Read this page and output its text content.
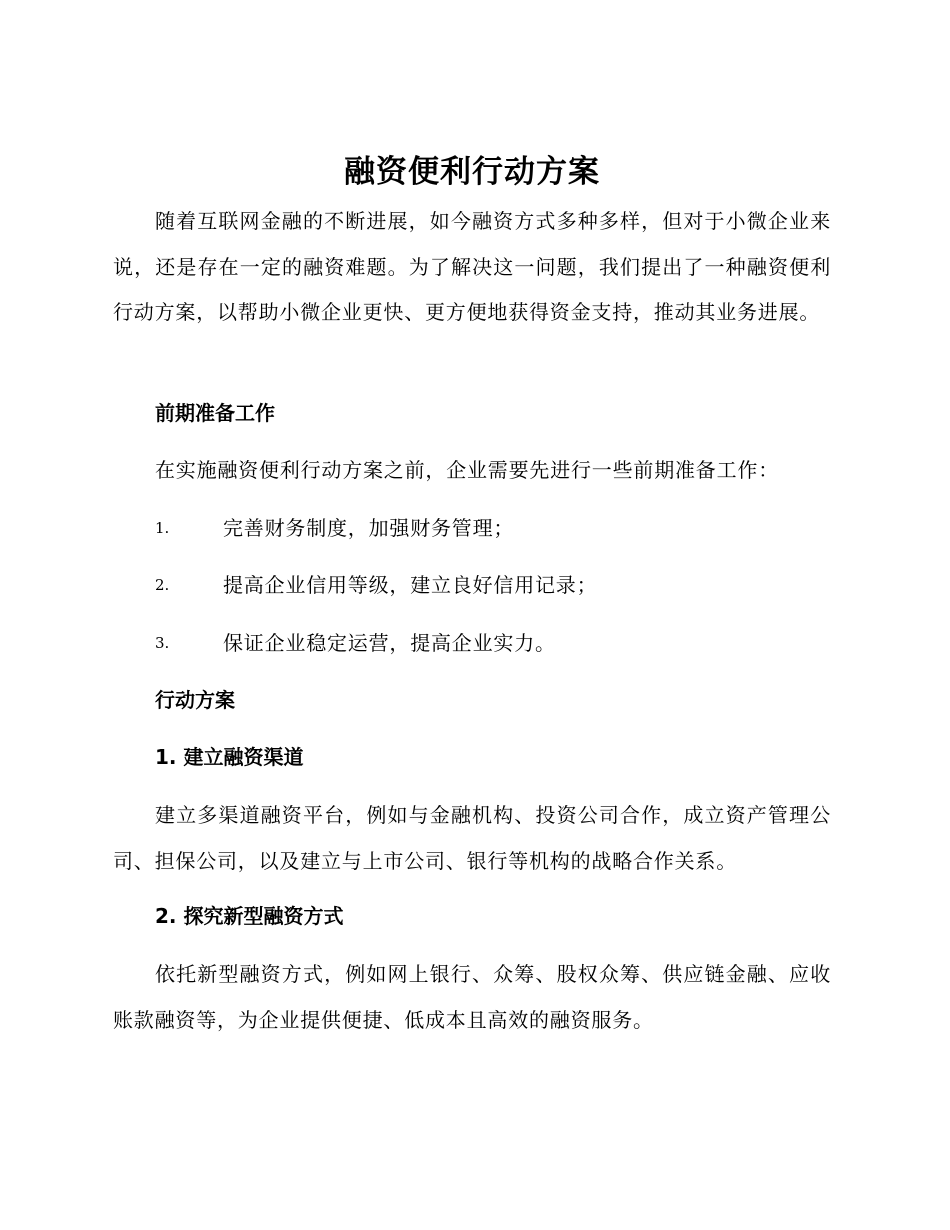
融资便利行动方案

随着互联网金融的不断进展，如今融资方式多种多样，但对于小微企业来说，还是存在一定的融资难题。为了解决这一问题，我们提出了一种融资便利行动方案，以帮助小微企业更快、更方便地获得资金支持，推动其业务进展。

前期准备工作

在实施融资便利行动方案之前，企业需要先进行一些前期准备工作：

1.	完善财务制度，加强财务管理；
2.	提高企业信用等级，建立良好信用记录；
3.	保证企业稳定运营，提高企业实力。
行动方案
1. 建立融资渠道

建立多渠道融资平台，例如与金融机构、投资公司合作，成立资产管理公司、担保公司，以及建立与上市公司、银行等机构的战略合作关系。

2. 探究新型融资方式

依托新型融资方式，例如网上银行、众筹、股权众筹、供应链金融、应收账款融资等，为企业提供便捷、低成本且高效的融资服务。
